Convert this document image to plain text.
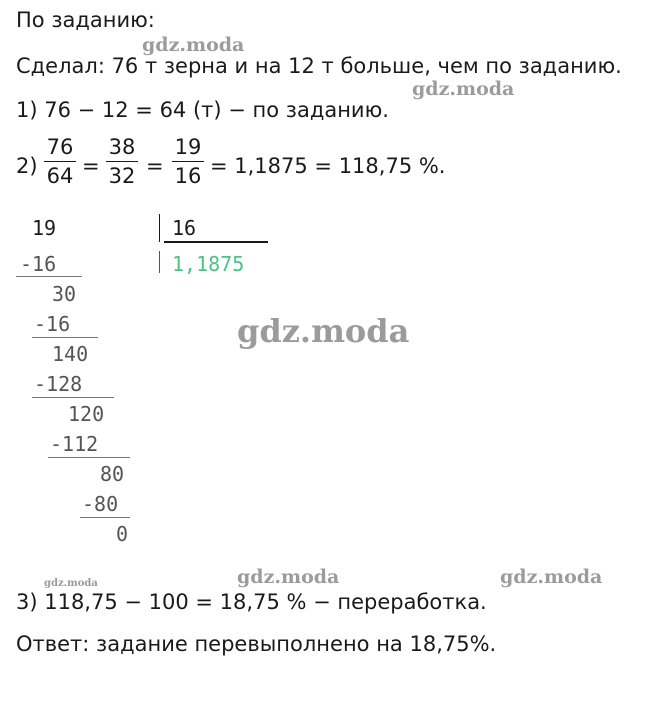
По заданию:
Сделал: 76 т зерна и на 12 т больше, чем по заданию.
1) 76 − 12 = 64 (т) − по заданию.
2)
76
64 =
38
32 =
19
16 = 1,1875 = 118,75 %.
19	16
1,1875
-16
30
-16
140
-128
120
-112
80
-80
0
3) 118,75 − 100 = 18,75 % − переработка.
Ответ: задание перевыполнено на 18,75%.
gdz.moda
gdz.moda
gdz.moda
gdz.moda	gdz.moda
gdz.moda
